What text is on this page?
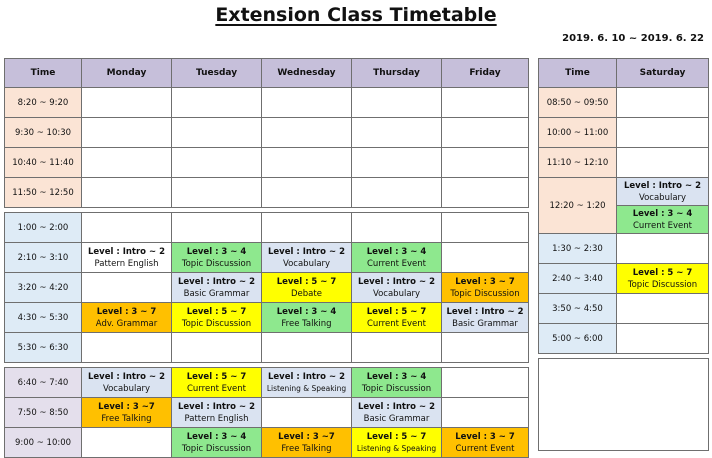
Extension Class Timetable
2019. 6. 10 ~ 2019. 6. 22
Time	Monday	Tuesday	Wednesday	Thursday	Friday
8:20 ~ 9:20					
9:30 ~ 10:30					
10:40 ~ 11:40					
11:50 ~ 12:50					

1:00 ~ 2:00					
2:10 ~ 3:10	Level : Intro ~ 2
Pattern English	Level : 3 ~ 4
Topic Discussion	Level : Intro ~ 2
Vocabulary	Level : 3 ~ 4
Current Event	

3:20 ~ 4:20		Level : Intro ~ 2
Basic Grammar	Level : 5 ~ 7
Debate	Level : Intro ~ 2
Vocabulary	Level : 3 ~ 7
Topic Discussion

4:30 ~ 5:30	Level : 3 ~ 7
Adv. Grammar	Level : 5 ~ 7
Topic Discussion	Level : 3 ~ 4
Free Talking	Level : 5 ~ 7
Current Event	Level : Intro ~ 2
Basic Grammar

5:30 ~ 6:30					

6:40 ~ 7:40	Level : Intro ~ 2
Vocabulary	Level : 5 ~ 7
Current Event	Level : Intro ~ 2
Listening & Speaking	Level : 3 ~ 4
Topic Discussion	

7:50 ~ 8:50	Level : 3 ~7
Free Talking	Level : Intro ~ 2
Pattern English		Level : Intro ~ 2
Basic Grammar	

9:00 ~ 10:00		Level : 3 ~ 4
Topic Discussion	Level : 3 ~7
Free Talking	Level : 5 ~ 7
Listening & Speaking	Level : 3 ~ 7
Current Event
Time	Saturday
08:50 ~ 09:50	
10:00 ~ 11:00	
11:10 ~ 12:10	
12:20 ~ 1:20	Level : Intro ~ 2
Vocabulary

	Level : 3 ~ 4
Current Event

1:30 ~ 2:30	
2:40 ~ 3:40	Level : 5 ~ 7
Topic Discussion

3:50 ~ 4:50	
5:00 ~ 6:00	
